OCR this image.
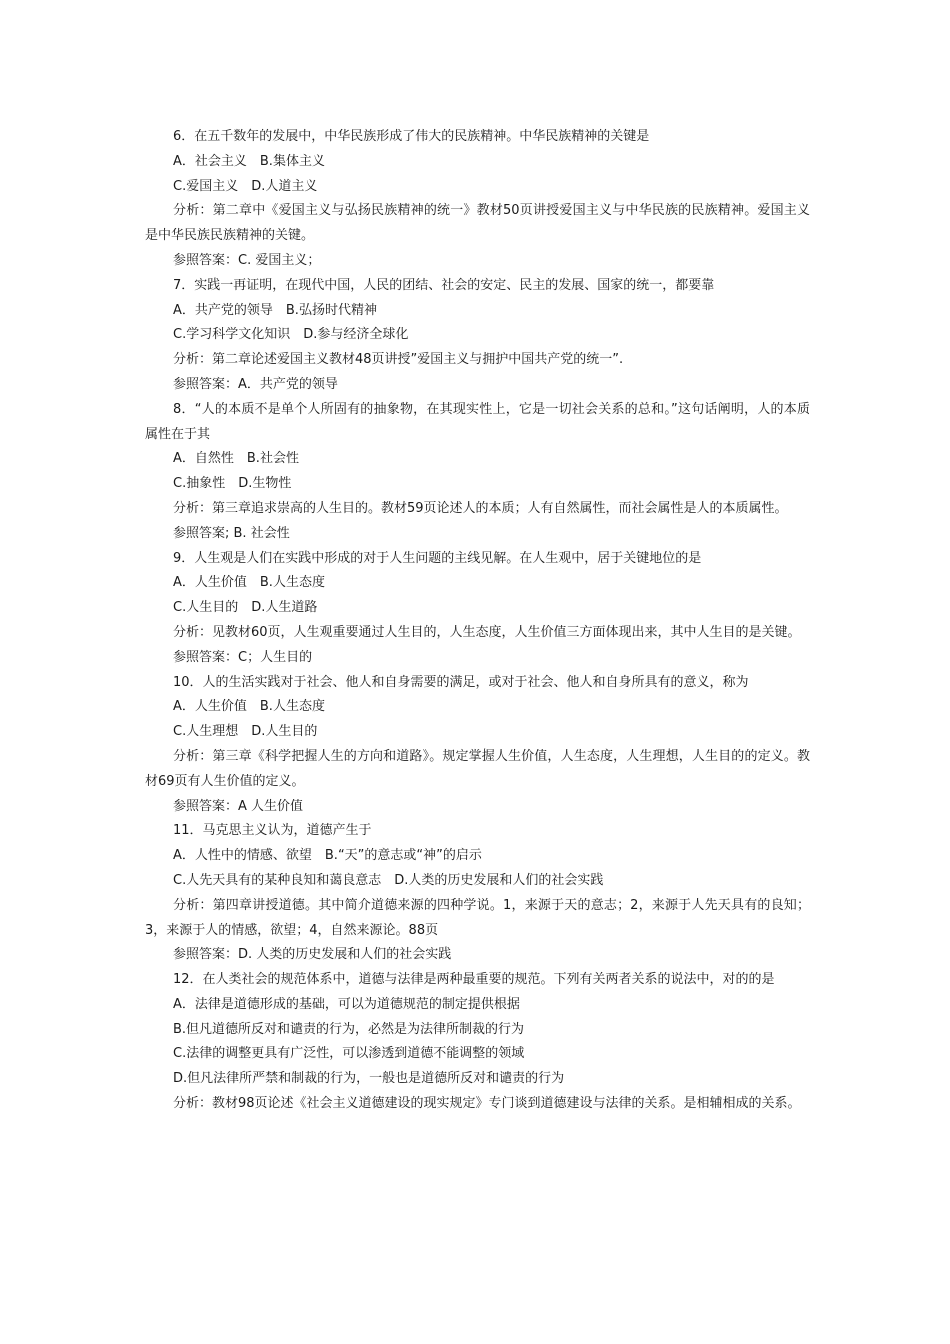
6．在五千数年的发展中，中华民族形成了伟大的民族精神。中华民族精神的关键是

A．社会主义　B.集体主义

C.爱国主义　D.人道主义

分析：第二章中《爱国主义与弘扬民族精神的统一》教材50页讲授爱国主义与中华民族的民族精神。爱国主义是中华民族民族精神的关键。

参照答案：C. 爱国主义；

7．实践一再证明，在现代中国，人民的团结、社会的安定、民主的发展、国家的统一，都要靠

A．共产党的领导　B.弘扬时代精神

C.学习科学文化知识　D.参与经济全球化

分析：第二章论述爱国主义教材48页讲授”爱国主义与拥护中国共产党的统一”.

参照答案：A．共产党的领导

8．“人的本质不是单个人所固有的抽象物，在其现实性上，它是一切社会关系的总和。”这句话阐明，人的本质属性在于其

A．自然性　B.社会性

C.抽象性　D.生物性

分析：第三章追求崇高的人生目的。教材59页论述人的本质；人有自然属性，而社会属性是人的本质属性。

参照答案; B. 社会性

9．人生观是人们在实践中形成的对于人生问题的主线见解。在人生观中，居于关键地位的是

A．人生价值　B.人生态度

C.人生目的　D.人生道路

分析：见教材60页，人生观重要通过人生目的，人生态度，人生价值三方面体现出来，其中人生目的是关键。

参照答案：C；人生目的

10．人的生活实践对于社会、他人和自身需要的满足，或对于社会、他人和自身所具有的意义，称为

A．人生价值　B.人生态度

C.人生理想　D.人生目的

分析：第三章《科学把握人生的方向和道路》。规定掌握人生价值，人生态度，人生理想，人生目的的定义。教材69页有人生价值的定义。

参照答案：A 人生价值

11．马克思主义认为，道德产生于

A．人性中的情感、欲望　B.“天”的意志或“神”的启示

C.人先天具有的某种良知和蔼良意志　D.人类的历史发展和人们的社会实践

分析：第四章讲授道德。其中简介道德来源的四种学说。1，来源于天的意志；2，来源于人先天具有的良知；3，来源于人的情感，欲望；4，自然来源论。88页

参照答案：D. 人类的历史发展和人们的社会实践

12．在人类社会的规范体系中，道德与法律是两种最重要的规范。下列有关两者关系的说法中，对的的是

A．法律是道德形成的基础，可以为道德规范的制定提供根据

B.但凡道德所反对和谴责的行为，必然是为法律所制裁的行为

C.法律的调整更具有广泛性，可以渗透到道德不能调整的领域

D.但凡法律所严禁和制裁的行为，一般也是道德所反对和谴责的行为

分析：教材98页论述《社会主义道德建设的现实规定》专门谈到道德建设与法律的关系。是相辅相成的关系。
